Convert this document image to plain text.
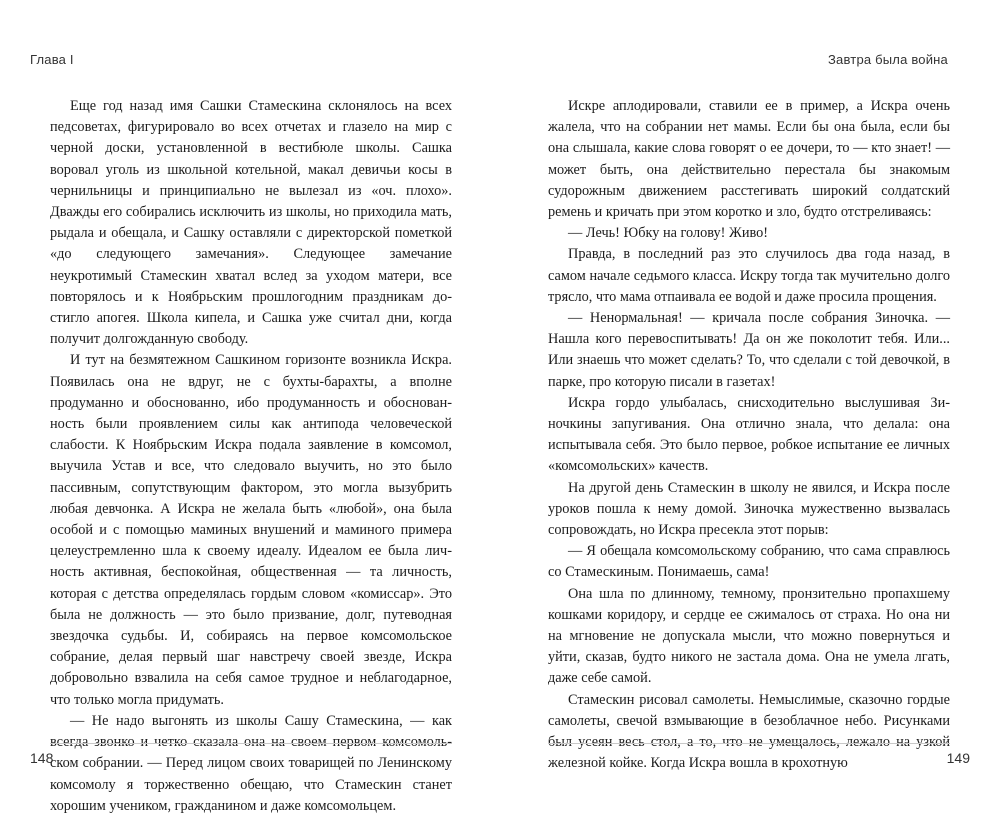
Глава I

Еще год назад имя Сашки Стамескина склонялось на всех педсоветах, фигурировало во всех отчетах и глазело на мир с черной доски, установленной в вестибюле школы. Сашка воровал уголь из школьной котельной, макал девичьи косы в чернильницы и принципиально не вылезал из «оч. плохо». Дважды его собирались исключить из школы, но приходила мать, рыдала и обещала, и Сашку оставляли с директорской пометкой «до следующего замечания». Следующее замечание неукротимый Стамескин хватал вслед за уходом матери, все повторялось и к Ноябрьским прошлогодним праздникам достигло апогея. Школа кипела, и Сашка уже считал дни, когда получит долгожданную свободу.

И тут на безмятежном Сашкином горизонте возникла Искра. Появилась она не вдруг, не с бухты-барахты, а вполне продуманно и обоснованно, ибо продуманность и обоснованность были проявлением силы как антипода человеческой слабости. К Ноябрьским Искра подала заявление в комсомол, выучила Устав и все, что следовало выучить, но это было пассивным, сопутствующим фактором, это могла вызубрить любая девчонка. А Искра не желала быть «любой», она была особой и с помощью маминых внушений и маминого примера целеустремленно шла к своему идеалу. Идеалом ее была личность активная, беспокойная, общественная — та личность, которая с детства определялась гордым словом «комиссар». Это была не должность — это было призвание, долг, путеводная звездочка судьбы. И, собираясь на первое комсомольское собрание, делая первый шаг навстречу своей звезде, Искра добровольно взвалила на себя самое трудное и неблагодарное, что только могла придумать.

— Не надо выгонять из школы Сашу Стамескина, — как всегда звонко и четко сказала она на своем первом комсомольском собрании. — Перед лицом своих товарищей по Ленинскому комсомолу я торжественно обещаю, что Стамескин станет хорошим учеником, гражданином и даже комсомольцем.

148
Завтра была война

Искре аплодировали, ставили ее в пример, а Искра очень жалела, что на собрании нет мамы. Если бы она была, если бы она слышала, какие слова говорят о ее дочери, то — кто знает! — может быть, она действительно перестала бы знакомым судорожным движением расстегивать широкий солдатский ремень и кричать при этом коротко и зло, будто отстреливаясь:

— Лечь! Юбку на голову! Живо!

Правда, в последний раз это случилось два года назад, в самом начале седьмого класса. Искру тогда так мучительно долго трясло, что мама отпаивала ее водой и даже просила прощения.

— Ненормальная! — кричала после собрания Зиночка. — Нашла кого перевоспитывать! Да он же поколотит тебя. Или... Или знаешь что может сделать? То, что сделали с той девочкой, в парке, про которую писали в газетах!

Искра гордо улыбалась, снисходительно выслушивая Зиночкины запугивания. Она отлично знала, что делала: она испытывала себя. Это было первое, робкое испытание ее личных «комсомольских» качеств.

На другой день Стамескин в школу не явился, и Искра после уроков пошла к нему домой. Зиночка мужественно вызвалась сопровождать, но Искра пресекла этот порыв:

— Я обещала комсомольскому собранию, что сама справлюсь со Стамескиным. Понимаешь, сама!

Она шла по длинному, темному, пронзительно пропахшему кошками коридору, и сердце ее сжималось от страха. Но она ни на мгновение не допускала мысли, что можно повернуться и уйти, сказав, будто никого не застала дома. Она не умела лгать, даже себе самой.

Стамескин рисовал самолеты. Немыслимые, сказочно гордые самолеты, свечой взмывающие в безоблачное небо. Рисунками был усеян весь стол, а то, что не умещалось, лежало на узкой железной койке. Когда Искра вошла в крохотную	149
